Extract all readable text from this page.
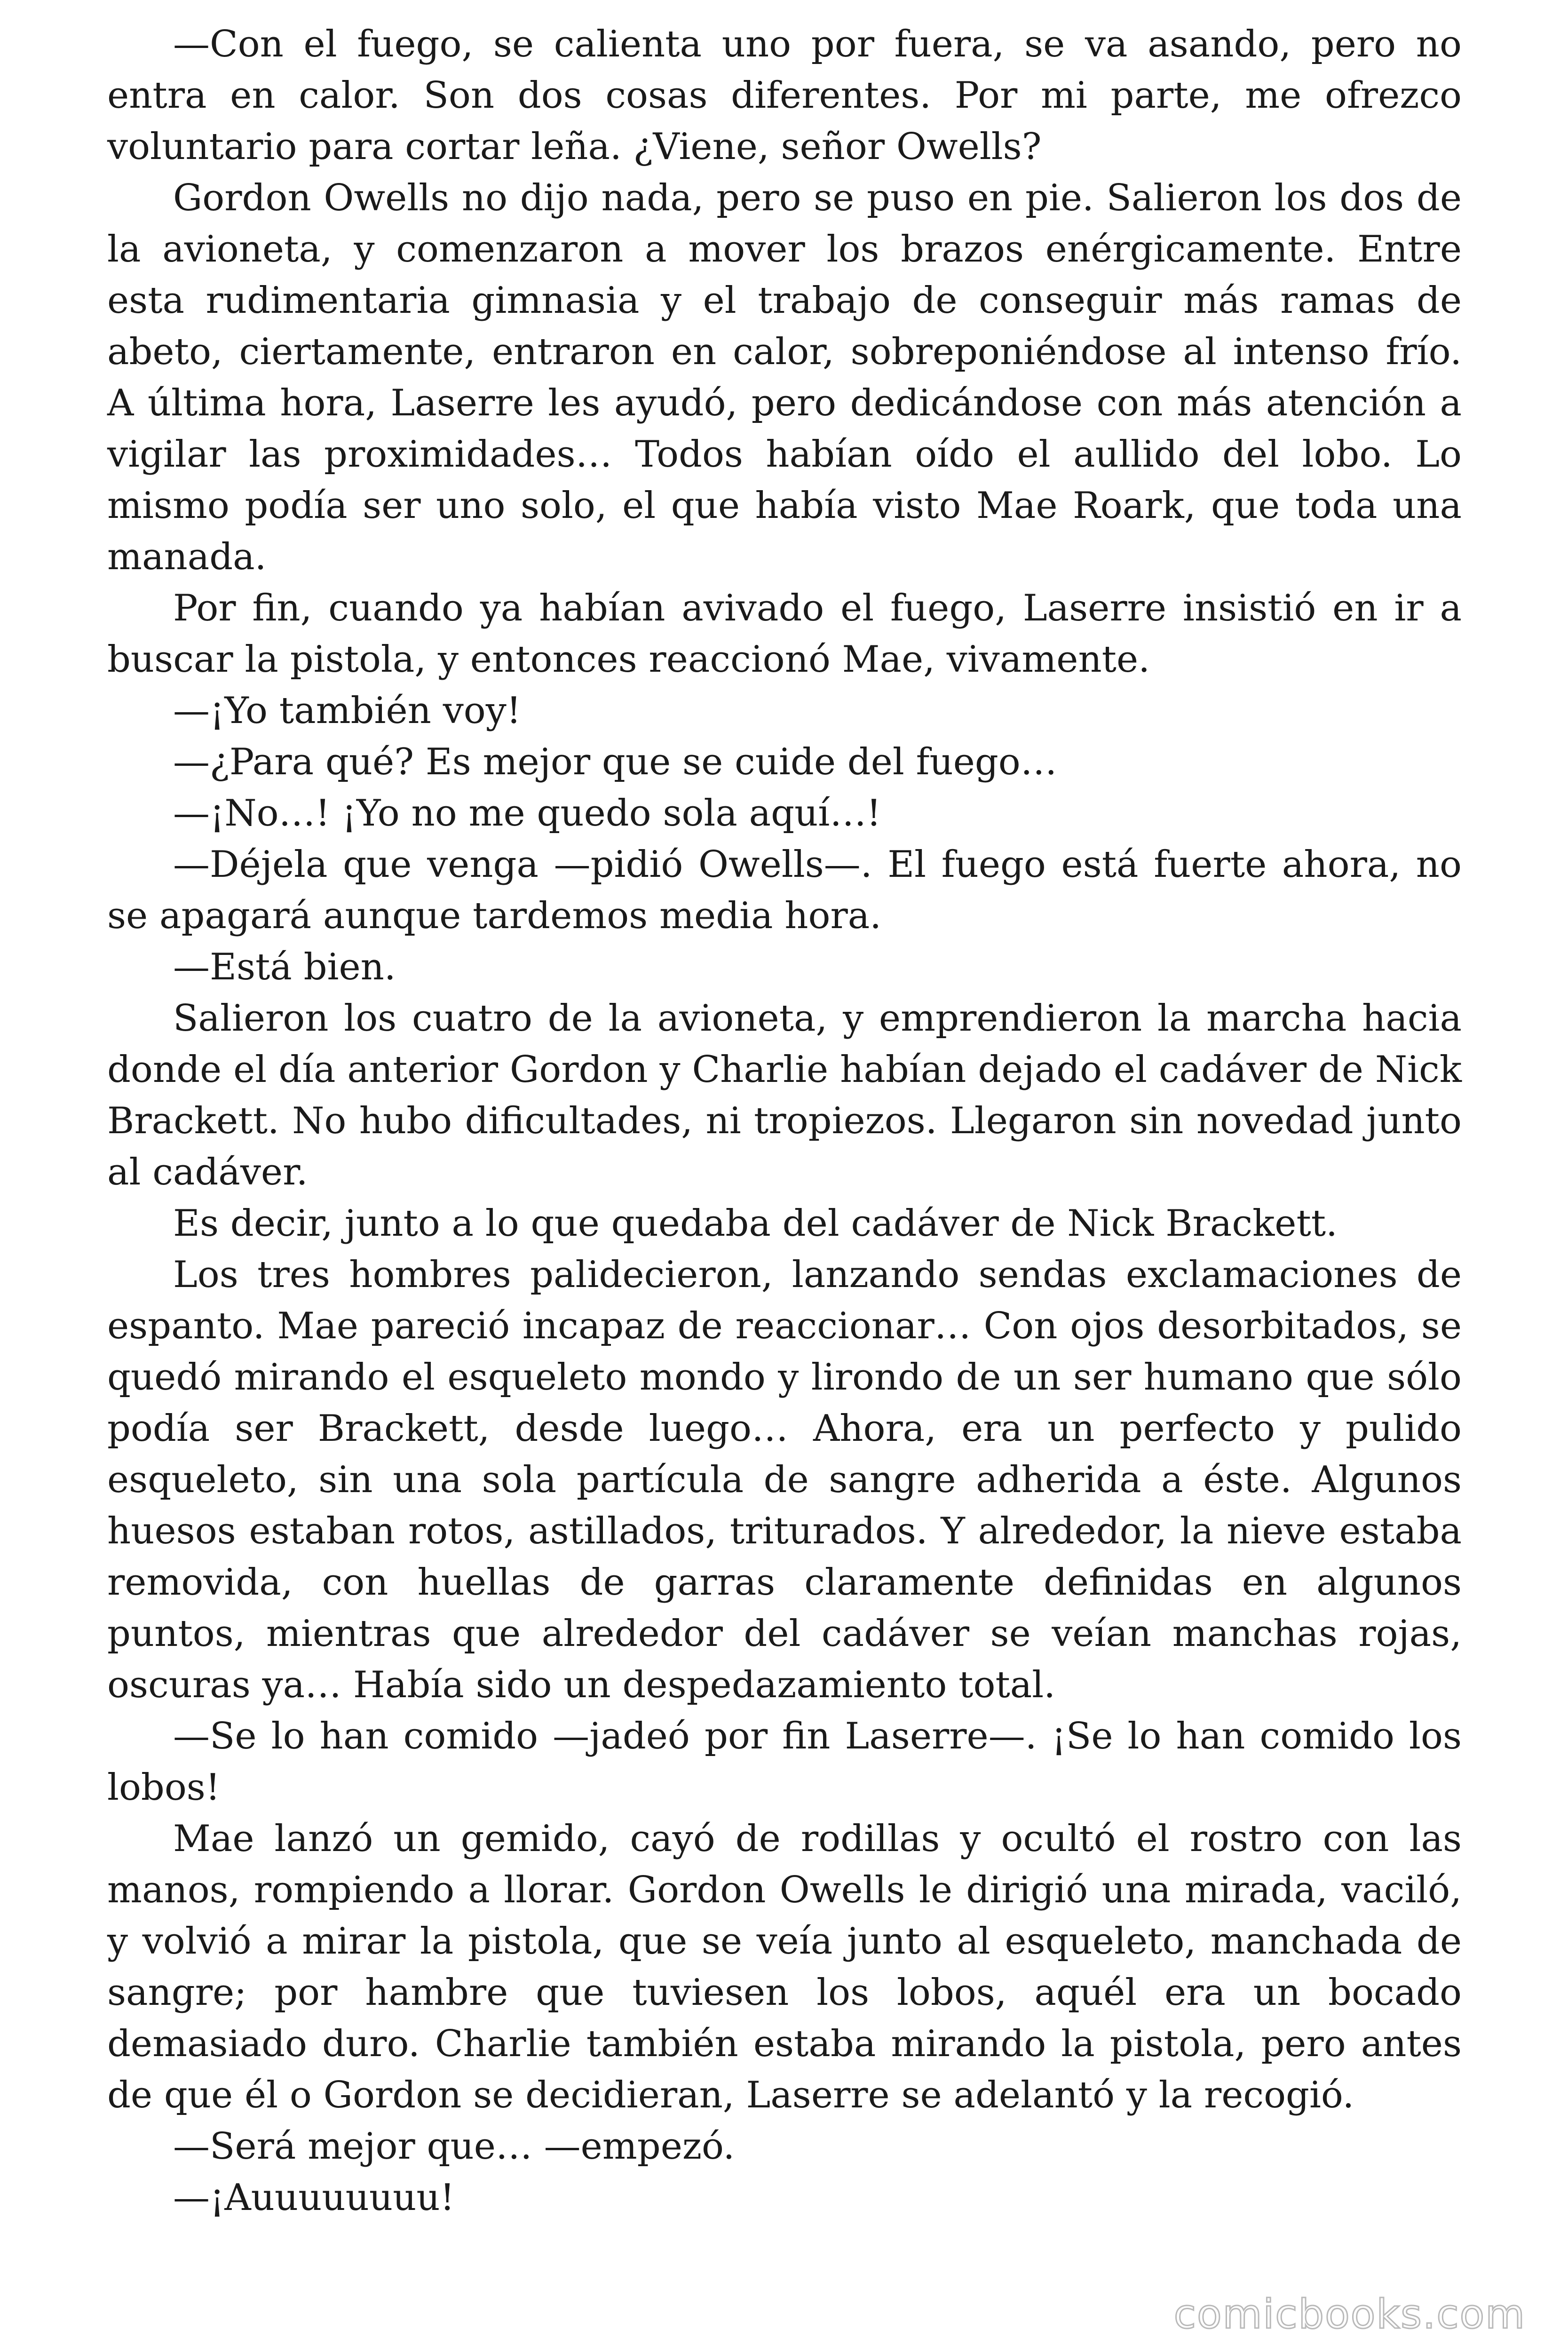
—Con el fuego, se calienta uno por fuera, se va asando, pero no entra en calor. Son dos cosas diferentes. Por mi parte, me ofrezco voluntario para cortar leña. ¿Viene, señor Owells?

Gordon Owells no dijo nada, pero se puso en pie. Salieron los dos de la avioneta, y comenzaron a mover los brazos enérgicamente. Entre esta rudimentaria gimnasia y el trabajo de conseguir más ramas de abeto, ciertamente, entraron en calor, sobreponiéndose al intenso frío. A última hora, Laserre les ayudó, pero dedicándose con más atención a vigilar las proximidades… Todos habían oído el aullido del lobo. Lo mismo podía ser uno solo, el que había visto Mae Roark, que toda una manada.

Por fin, cuando ya habían avivado el fuego, Laserre insistió en ir a buscar la pistola, y entonces reaccionó Mae, vivamente.

—¡Yo también voy!

—¿Para qué? Es mejor que se cuide del fuego…

—¡No…! ¡Yo no me quedo sola aquí…!

—Déjela que venga —pidió Owells—. El fuego está fuerte ahora, no se apagará aunque tardemos media hora.

—Está bien.

Salieron los cuatro de la avioneta, y emprendieron la marcha hacia donde el día anterior Gordon y Charlie habían dejado el cadáver de Nick Brackett. No hubo dificultades, ni tropiezos. Llegaron sin novedad junto al cadáver.

Es decir, junto a lo que quedaba del cadáver de Nick Brackett.

Los tres hombres palidecieron, lanzando sendas exclamaciones de espanto. Mae pareció incapaz de reaccionar… Con ojos desorbitados, se quedó mirando el esqueleto mondo y lirondo de un ser humano que sólo podía ser Brackett, desde luego… Ahora, era un perfecto y pulido esqueleto, sin una sola partícula de sangre adherida a éste. Algunos huesos estaban rotos, astillados, triturados. Y alrededor, la nieve estaba removida, con huellas de garras claramente definidas en algunos puntos, mientras que alrededor del cadáver se veían manchas rojas, oscuras ya… Había sido un despedazamiento total.

—Se lo han comido —jadeó por fin Laserre—. ¡Se lo han comido los lobos!

Mae lanzó un gemido, cayó de rodillas y ocultó el rostro con las manos, rompiendo a llorar. Gordon Owells le dirigió una mirada, vaciló, y volvió a mirar la pistola, que se veía junto al esqueleto, manchada de sangre; por hambre que tuviesen los lobos, aquél era un bocado demasiado duro. Charlie también estaba mirando la pistola, pero antes de que él o Gordon se decidieran, Laserre se adelantó y la recogió.

—Será mejor que… —empezó.

—¡Auuuuuuuu!

comicbooks.com
